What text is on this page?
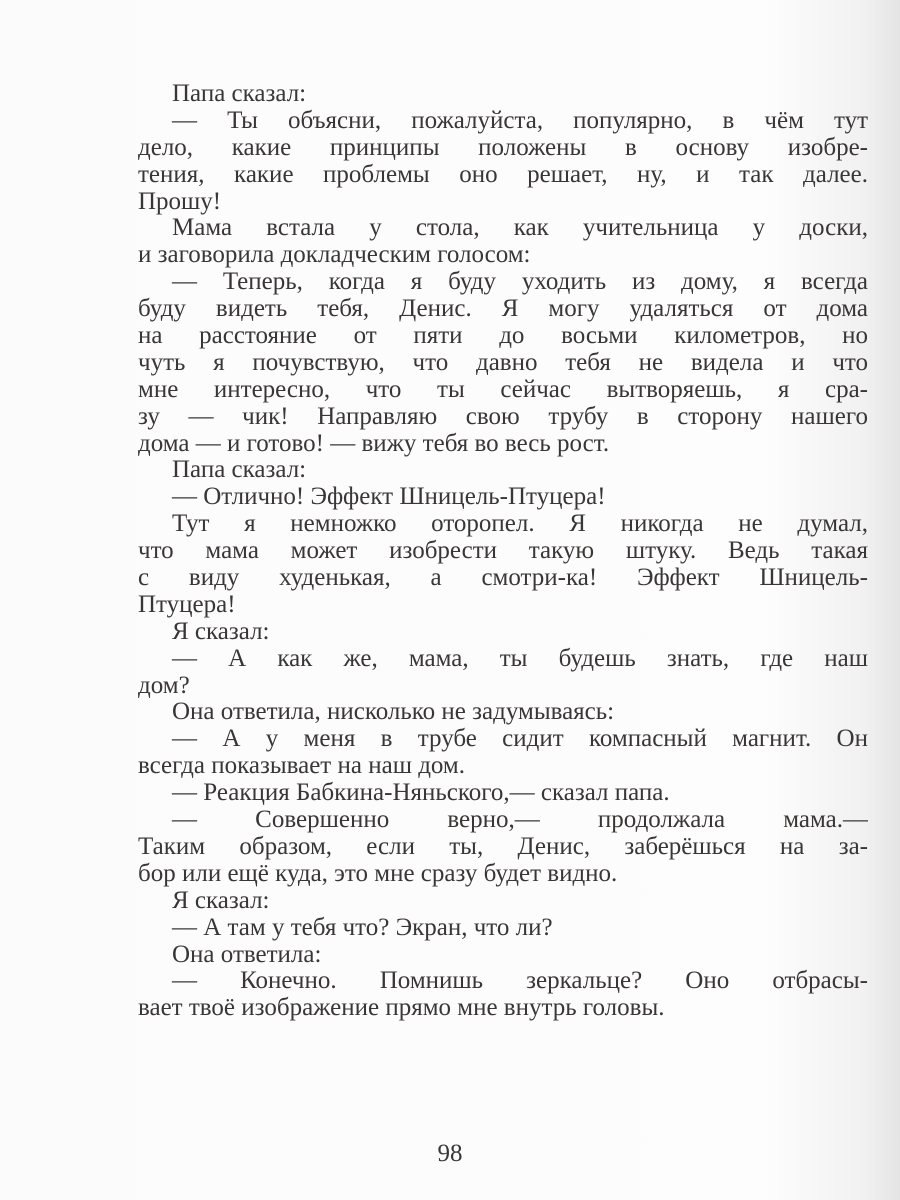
Папа сказал:
— Ты объясни, пожалуйста, популярно, в чём тут
дело, какие принципы положены в основу изобре-
тения, какие проблемы оно решает, ну, и так далее.
Прошу!
Мама встала у стола, как учительница у доски,
и заговорила докладческим голосом:
— Теперь, когда я буду уходить из дому, я всегда
буду видеть тебя, Денис. Я могу удаляться от дома
на расстояние от пяти до восьми километров, но
чуть я почувствую, что давно тебя не видела и что
мне интересно, что ты сейчас вытворяешь, я сра-
зу — чик! Направляю свою трубу в сторону нашего
дома — и готово! — вижу тебя во весь рост.
Папа сказал:
— Отлично! Эффект Шницель-Птуцера!
Тут я немножко оторопел. Я никогда не думал,
что мама может изобрести такую штуку. Ведь такая
с виду худенькая, а смотри-ка! Эффект Шницель-
Птуцера!
Я сказал:
— А как же, мама, ты будешь знать, где наш
дом?
Она ответила, нисколько не задумываясь:
— А у меня в трубе сидит компасный магнит. Он
всегда показывает на наш дом.
— Реакция Бабкина-Няньского,— сказал папа.
— Совершенно верно,— продолжала мама.—
Таким образом, если ты, Денис, заберёшься на за-
бор или ещё куда, это мне сразу будет видно.
Я сказал:
— А там у тебя что? Экран, что ли?
Она ответила:
— Конечно. Помнишь зеркальце? Оно отбрасы-
вает твоё изображение прямо мне внутрь головы.
98
